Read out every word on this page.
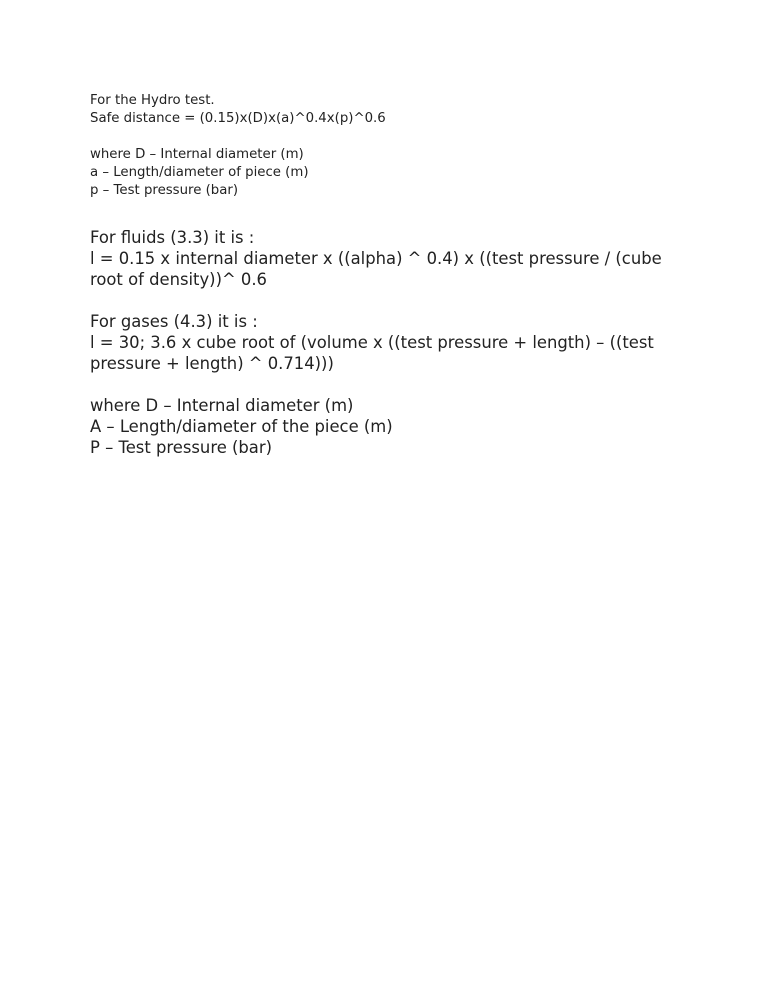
For the Hydro test.

Safe distance = (0.15)x(D)x(a)^0.4x(p)^0.6

where D – Internal diameter (m)

a – Length/diameter of piece (m)

p – Test pressure (bar)

For fluids (3.3) it is :

l = 0.15 x internal diameter x ((alpha) ^ 0.4) x ((test pressure / (cube root of density))^ 0.6

For gases (4.3) it is :

l = 30; 3.6 x cube root of (volume x ((test pressure + length) – ((test pressure + length) ^ 0.714)))

where D – Internal diameter (m)

A – Length/diameter of the piece (m)

P – Test pressure (bar)
